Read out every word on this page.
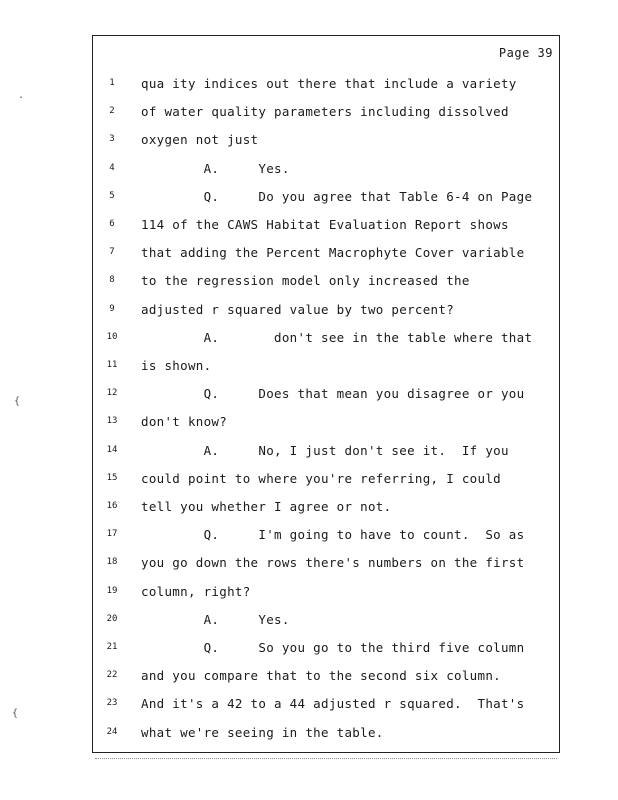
Page 39
1	qua ity indices out there that include a variety
2	of water quality parameters including dissolved
3	oxygen not just
4	A.     Yes.
5	Q.     Do you agree that Table 6-4 on Page
6	114 of the CAWS Habitat Evaluation Report shows
7	that adding the Percent Macrophyte Cover variable
8	to the regression model only increased the
9	adjusted r squared value by two percent?
10 A.       don't see in the table where that
11 is shown.
12 Q.     Does that mean you disagree or you
13 don't know?
14 A.     No, I just don't see it.  If you
15 could point to where you're referring, I could
16 tell you whether I agree or not.
17 Q.     I'm going to have to count.  So as
18 you go down the rows there's numbers on the first
19 column, right?
20 A.     Yes.
21 Q.     So you go to the third five column
22 and you compare that to the second six column.
23 And it's a 42 to a 44 adjusted r squared.  That's
24 what we're seeing in the table.
.
{
{
